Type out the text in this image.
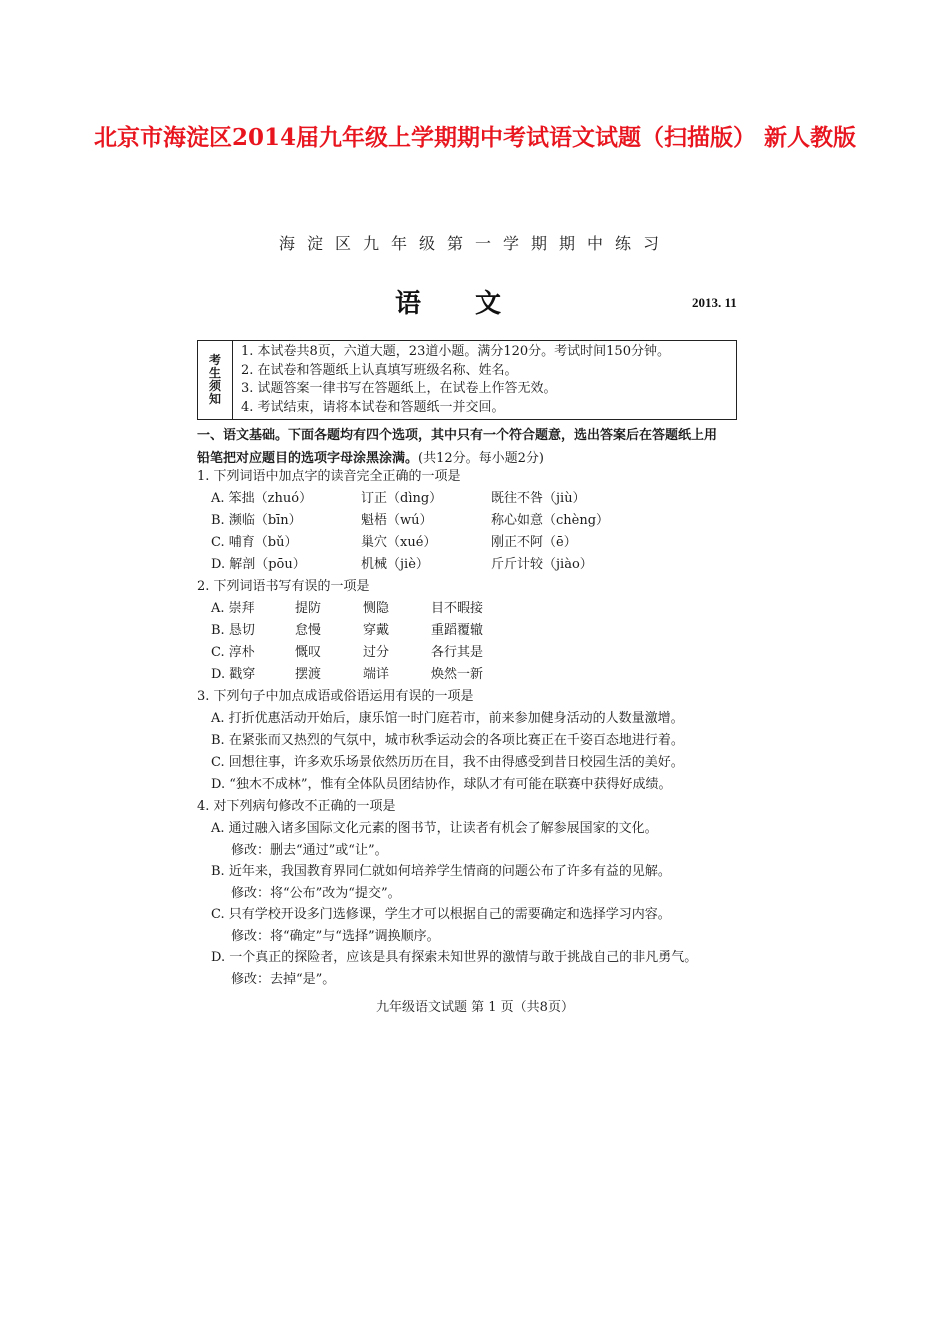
北京市海淀区2014届九年级上学期期中考试语文试题（扫描版） 新人教版
海淀区九年级第一学期期中练习
语文	2013. 11
考
生
须
知
1. 本试卷共8页，六道大题，23道小题。满分120分。考试时间150分钟。
2. 在试卷和答题纸上认真填写班级名称、姓名。
3. 试题答案一律书写在答题纸上，在试卷上作答无效。
4. 考试结束，请将本试卷和答题纸一并交回。
一、语文基础。下面各题均有四个选项，其中只有一个符合题意，选出答案后在答题纸上用
铅笔把对应题目的选项字母涂黑涂满。(共12分。每小题2分)
1. 下列词语中加点字的读音完全正确的一项是
A. 笨拙（zhuó）	订正（dìng）	既往不咎（jiù）
B. 濒临（bīn）	魁梧（wú）	称心如意（chèng）
C. 哺育（bǔ）	巢穴（xué）	刚正不阿（ē）
D. 解剖（pōu）	机械（jiè）	斤斤计较（jiào）
2. 下列词语书写有误的一项是
A. 崇拜	提防	恻隐	目不暇接
B. 恳切	怠慢	穿戴	重蹈覆辙
C. 淳朴	慨叹	过分	各行其是
D. 戳穿	摆渡	端详	焕然一新
3. 下列句子中加点成语或俗语运用有误的一项是
A. 打折优惠活动开始后，康乐馆一时门庭若市，前来参加健身活动的人数量激增。
B. 在紧张而又热烈的气氛中，城市秋季运动会的各项比赛正在千姿百态地进行着。
C. 回想往事，许多欢乐场景依然历历在目，我不由得感受到昔日校园生活的美好。
D. “独木不成林”，惟有全体队员团结协作，球队才有可能在联赛中获得好成绩。
4. 对下列病句修改不正确的一项是
A. 通过融入诸多国际文化元素的图书节，让读者有机会了解参展国家的文化。
修改：删去“通过”或“让”。
B. 近年来，我国教育界同仁就如何培养学生情商的问题公布了许多有益的见解。
修改：将“公布”改为“提交”。
C. 只有学校开设多门选修课，学生才可以根据自己的需要确定和选择学习内容。
修改：将“确定”与“选择”调换顺序。
D. 一个真正的探险者，应该是具有探索未知世界的激情与敢于挑战自己的非凡勇气。
修改：去掉“是”。
九年级语文试题 第 1 页（共8页）
